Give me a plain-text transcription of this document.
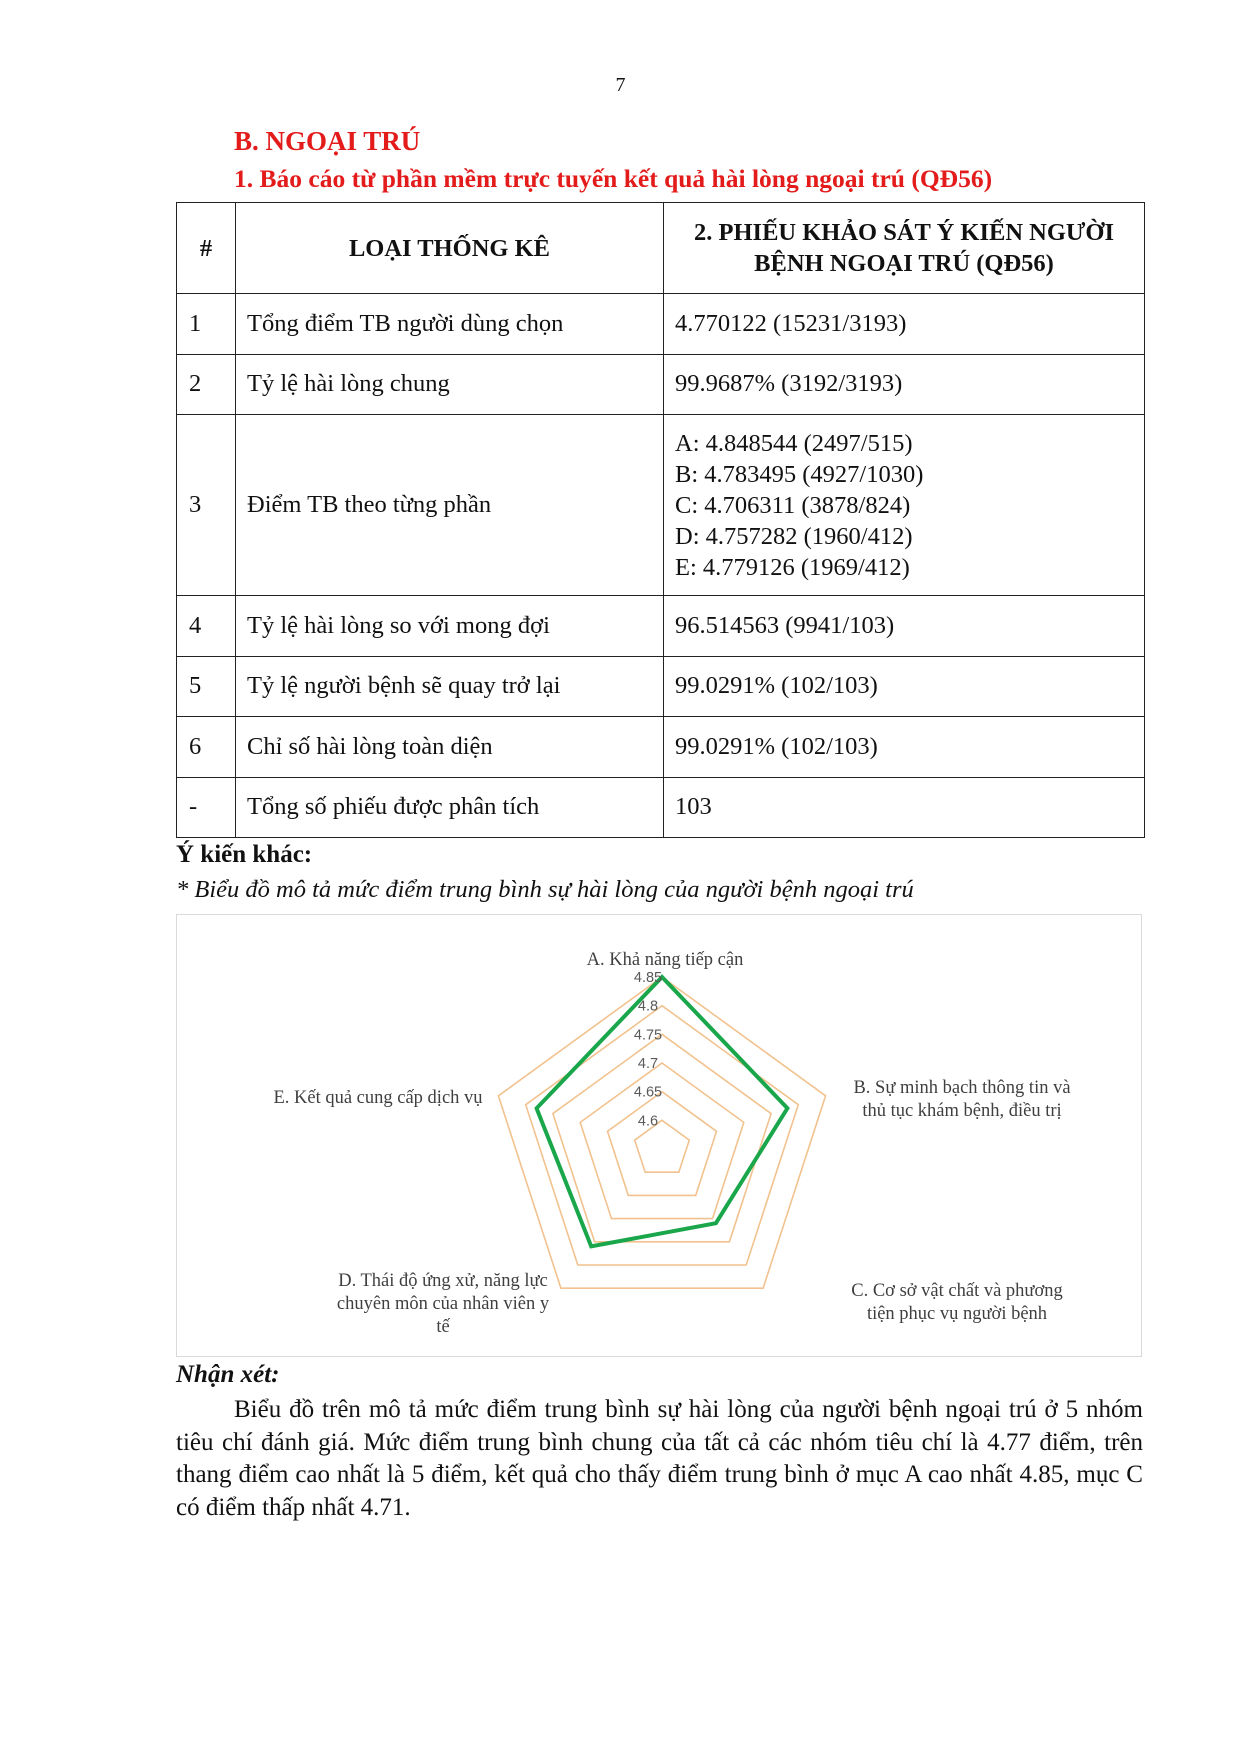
7
B. NGOẠI TRÚ
1. Báo cáo từ phần mềm trực tuyến kết quả hài lòng ngoại trú (QĐ56)
#	LOẠI THỐNG KÊ	2. PHIẾU KHẢO SÁT Ý KIẾN NGƯỜI BỆNH NGOẠI TRÚ (QĐ56)
1	Tổng điểm TB người dùng chọn	4.770122 (15231/3193)
2	Tỷ lệ hài lòng chung	99.9687% (3192/3193)
3	Điểm TB theo từng phần	A: 4.848544 (2497/515)
B: 4.783495 (4927/1030)
C: 4.706311 (3878/824)
D: 4.757282 (1960/412)
E: 4.779126 (1969/412)

4	Tỷ lệ hài lòng so với mong đợi	96.514563 (9941/103)
5	Tỷ lệ người bệnh sẽ quay trở lại	99.0291% (102/103)
6	Chỉ số hài lòng toàn diện	99.0291% (102/103)
-	Tổng số phiếu được phân tích	103
Ý kiến khác:
* Biểu đồ mô tả mức điểm trung bình sự hài lòng của người bệnh ngoại trú
4.6
4.65
4.7
4.75
4.8
4.85
A. Khả năng tiếp cận
B. Sự minh bạch thông tin và
thủ tục khám bệnh, điều trị
C. Cơ sở vật chất và phương
tiện phục vụ người bệnh
D. Thái độ ứng xử, năng lực
chuyên môn của nhân viên y
tế
E. Kết quả cung cấp dịch vụ
Nhận xét:

Biểu đồ trên mô tả mức điểm trung bình sự hài lòng của người bệnh ngoại trú ở 5 nhóm tiêu chí đánh giá. Mức điểm trung bình chung của tất cả các nhóm tiêu chí là 4.77 điểm, trên thang điểm cao nhất là 5 điểm, kết quả cho thấy điểm trung bình ở mục A cao nhất 4.85, mục C có điểm thấp nhất 4.71.
